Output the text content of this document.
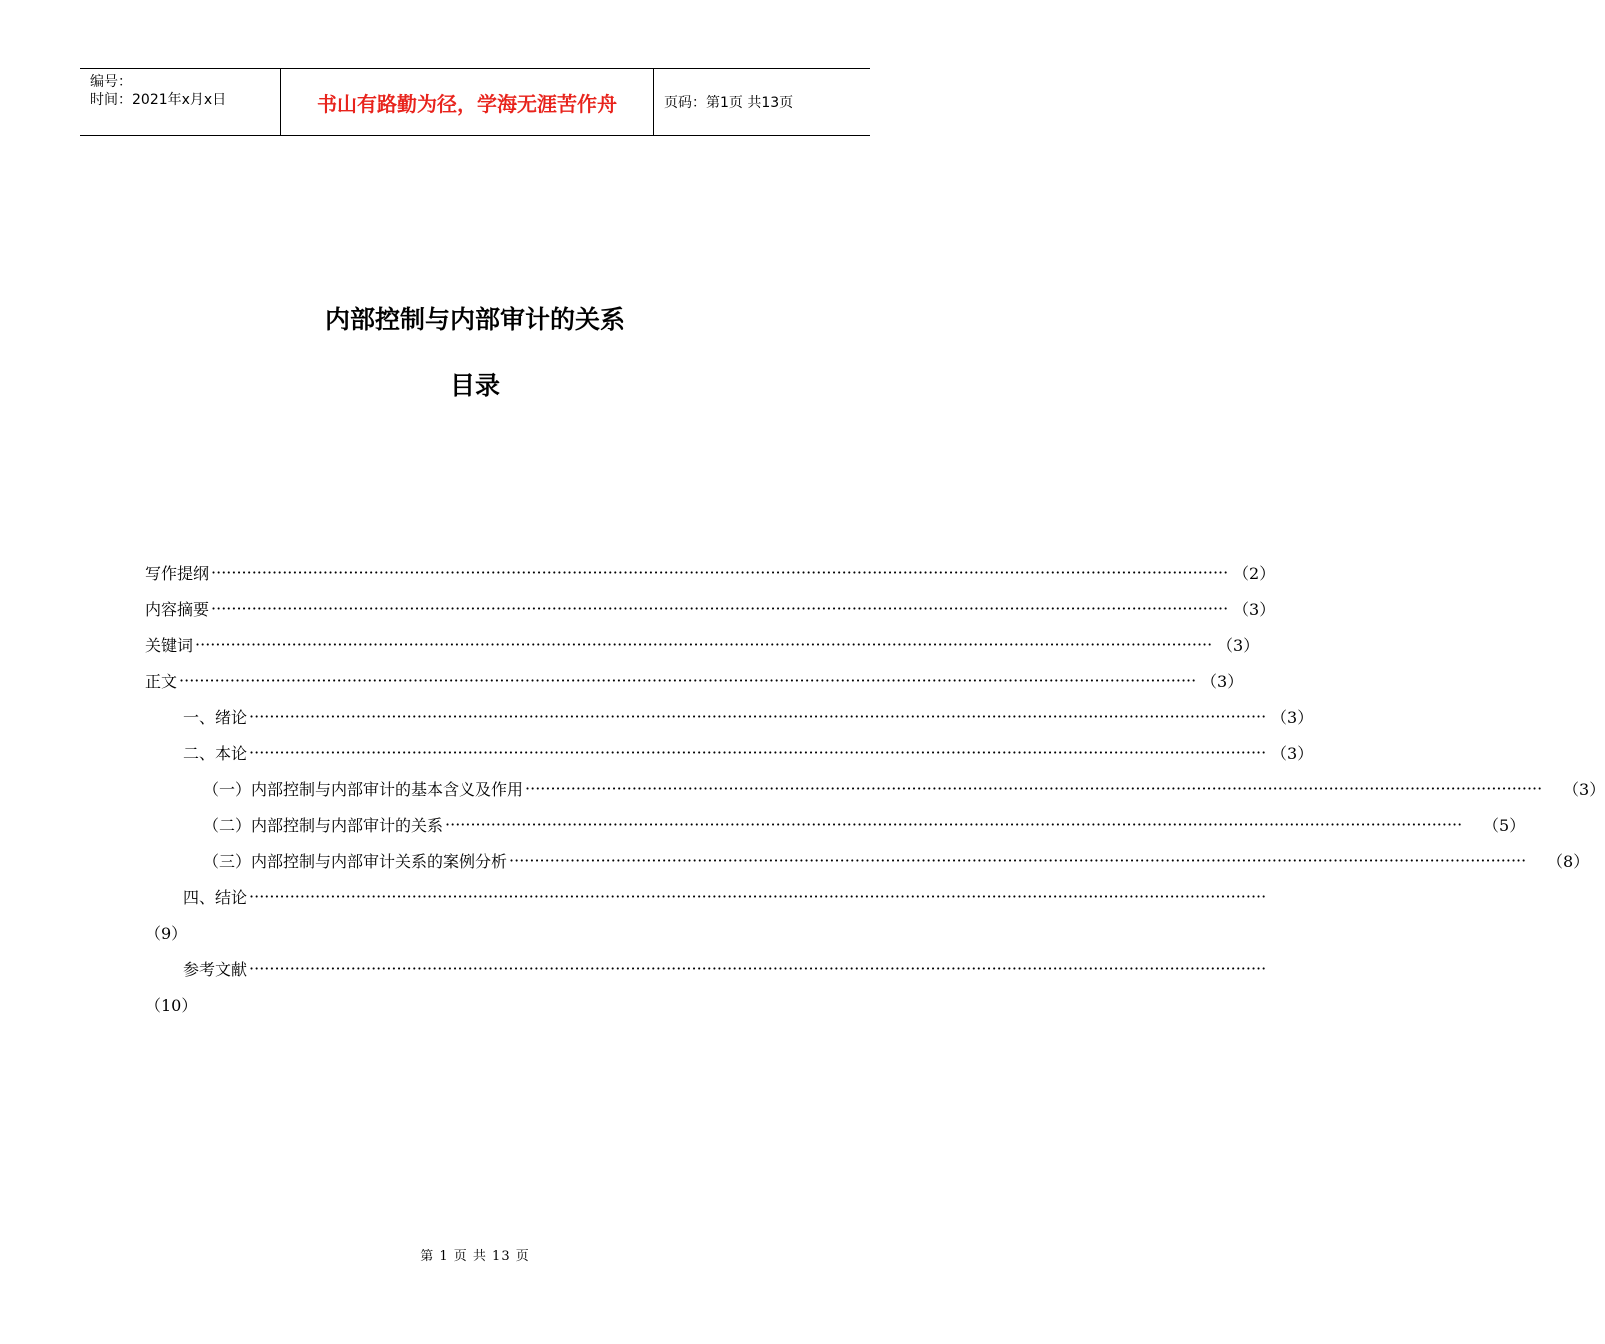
编号：
时间：2021年x月x日	书山有路勤为径，学海无涯苦作舟	页码：第1页 共13页
内部控制与内部审计的关系
目录
写作提纲 ········································································································································································································ （2）
内容摘要 ········································································································································································································ （3）
关键词 ········································································································································································································ （3）
正文 ········································································································································································································ （3）
一、绪论 ········································································································································································································ （3）
二、本论 ········································································································································································································ （3）
（一）内部控制与内部审计的基本含义及作用 ········································································································································································································ （3）
（二）内部控制与内部审计的关系 ········································································································································································································ （5）
（三）内部控制与内部审计关系的案例分析 ········································································································································································································ （8）
四、结论 ········································································································································································································
（9）
参考文献 ········································································································································································································
（10）
第 1 页 共 13 页
